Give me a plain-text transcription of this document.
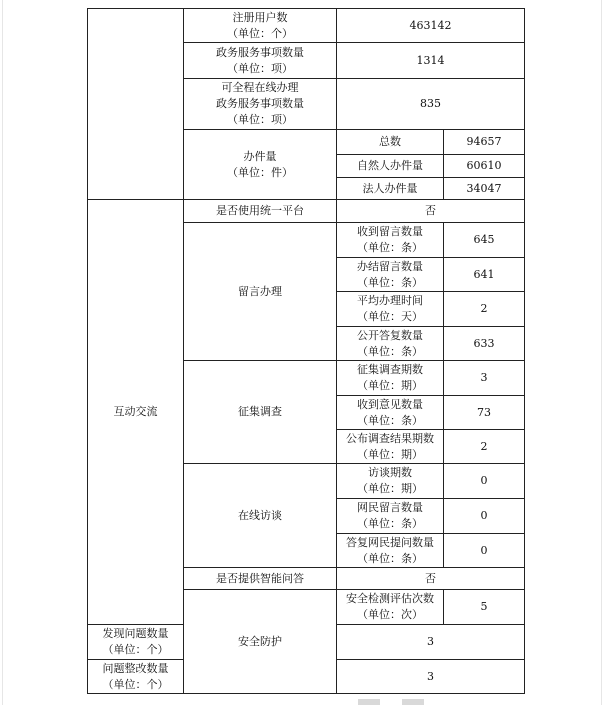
	注册用户数
（单位：个）	463142	

	政务服务事项数量
（单位：项）	1314	

	可全程在线办理
政务服务事项数量
（单位：项）	835	

	办件量
（单位：件）	总数	94657
		自然人办件量	60610
		法人办件量	34047
互动交流	是否使用统一平台	否	
	留言办理	收到留言数量
（单位：条）	645

		办结留言数量
（单位：条）	641

		平均办理时间
（单位：天）	2

		公开答复数量
（单位：条）	633
	征集调查	征集调查期数
（单位：期）	3

		收到意见数量
（单位：条）	73

		公布调查结果期数
（单位：期）	2
	在线访谈	访谈期数
（单位：期）	0

		网民留言数量
（单位：条）	0

		答复网民提问数量
（单位：条）	0
	是否提供智能问答	否	
	安全防护	安全检测评估次数
（单位：次）	5

发现问题数量
（单位：个）		3	

问题整改数量
（单位：个）		3	
